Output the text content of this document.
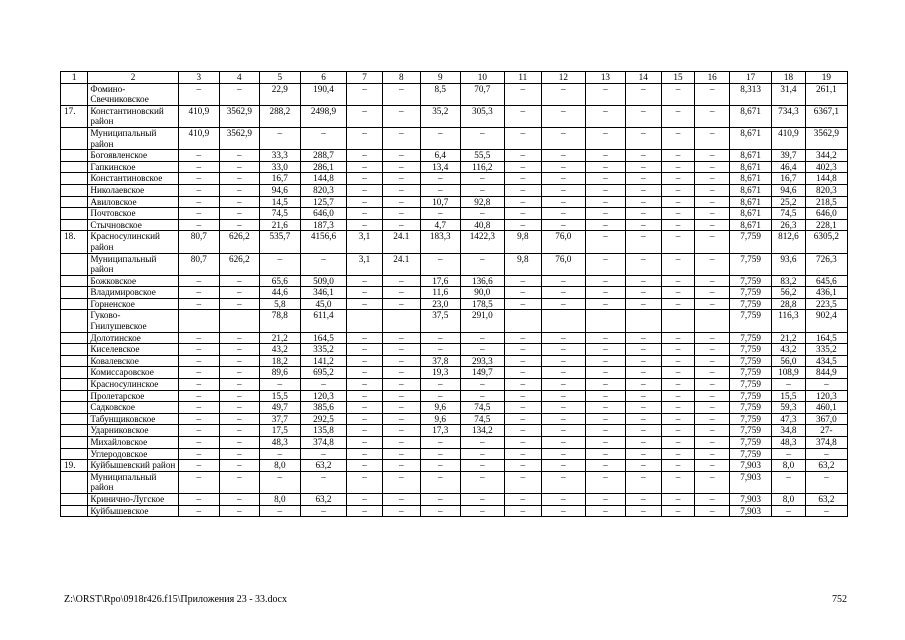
1	2	3	4	5	6	7	8	9	10	11	12	13	14	15	16	17	18	19
	Фомино-Свечниковское	–	–	22,9	190,4	–	–	8,5	70,7	–	–	–	–	–	–	8,313	31,4	261,1
17.	Константиновский район	410,9	3562,9	288,2	2498,9	–	–	35,2	305,3	–	–	–	–	–	–	8,671	734,3	6367,1
	Муниципальный район	410,9	3562,9	–	–	–	–	–	–	–	–	–	–	–	–	8,671	410,9	3562,9
	Богоявленское	–	–	33,3	288,7	–	–	6,4	55,5	–	–	–	–	–	–	8,671	39,7	344,2
	Гапкинское	–	–	33,0	286,1	–	–	13,4	116,2	–	–	–	–	–	–	8,671	46,4	402,3
	Константиновское	–	–	16,7	144,8	–	–	–	–	–	–	–	–	–	–	8,671	16,7	144,8
	Николаевское	–	–	94,6	820,3	–	–	–	–	–	–	–	–	–	–	8,671	94,6	820,3
	Авиловское	–	–	14,5	125,7	–	–	10,7	92,8	–	–	–	–	–	–	8,671	25,2	218,5
	Почтовское	–	–	74,5	646,0	–	–	–	–	–	–	–	–	–	–	8,671	74,5	646,0
	Стычновское	–	–	21,6	187,3	–	–	4,7	40,8	–	–	–	–	–	–	8,671	26,3	228,1
18.	Красносулинский район	80,7	626,2	535,7	4156,6	3,1	24.1	183,3	1422,3	9,8	76,0	–	–	–	–	7,759	812,6	6305,2
	Муниципальный район	80,7	626,2	–	–	3,1	24.1	–	–	9,8	76,0	–	–	–	–	7,759	93,6	726,3
	Божковское	–	–	65,6	509,0	–	–	17,6	136,6	–	–	–	–	–	–	7,759	83,2	645,6
	Владимировское	–	–	44,6	346,1	–	–	11,6	90,0	–	–	–	–	–	–	7,759	56,2	436,1
	Горненское	–	–	5,8	45,0	–	–	23,0	178,5	–	–	–	–	–	–	7,759	28,8	223,5
	Гуково-Гнилушевское			78,8	611,4			37,5	291,0							7,759	116,3	902,4
	Долотинское	–	–	21,2	164,5	–	–	–	–	–	–	–	–	–	–	7,759	21,2	164,5
	Киселевское	–	–	43,2	335,2	–	–	–	–	–	–	–	–	–	–	7,759	43,2	335,2
	Ковалевское	–	–	18,2	141,2	–	–	37,8	293,3	–	–	–	–	–	–	7,759	56,0	434,5
	Комиссаровское	–	–	89,6	695,2	–	–	19,3	149,7	–	–	–	–	–	–	7,759	108,9	844,9
	Красносулинское	–	–	–	–	–	–	–	–	–	–	–	–	–	–	7,759	–	–
	Пролетарское	–	–	15,5	120,3	–	–	–	–	–	–	–	–	–	–	7,759	15,5	120,3
	Садковское	–	–	49,7	385,6	–	–	9,6	74,5	–	–	–	–	–	–	7,759	59,3	460,1
	Табунщиковское	–	–	37,7	292,5	–	–	9,6	74,5	–	–	–	–	–	–	7,759	47,3	367,0
	Ударниковское	–	–	17,5	135,8	–	–	17,3	134,2	–	–	–	–	–	–	7,759	34,8	27-
	Михайловское	–	–	48,3	374,8	–	–	–	–	–	–	–	–	–	–	7,759	48,3	374,8
	Углеродовское	–	–	–	–	–	–	–	–	–	–	–	–	–	–	7,759	–	–
19.	Куйбышевский район	–	–	8,0	63,2	–	–	–	–	–	–	–	–	–	–	7,903	8,0	63,2
	Муниципальный район	–	–	–	–	–	–	–	–	–	–	–	–	–	–	7,903	–	–
	Кринично-Лугское	–	–	8,0	63,2	–	–	–	–	–	–	–	–	–	–	7,903	8,0	63,2
	Куйбышевское	–	–	–	–	–	–	–	–	–	–	–	–	–	–	7,903	–	–
Z:\ORST\Rpo\0918r426.f15\Приложения 23 - 33.docx	752
